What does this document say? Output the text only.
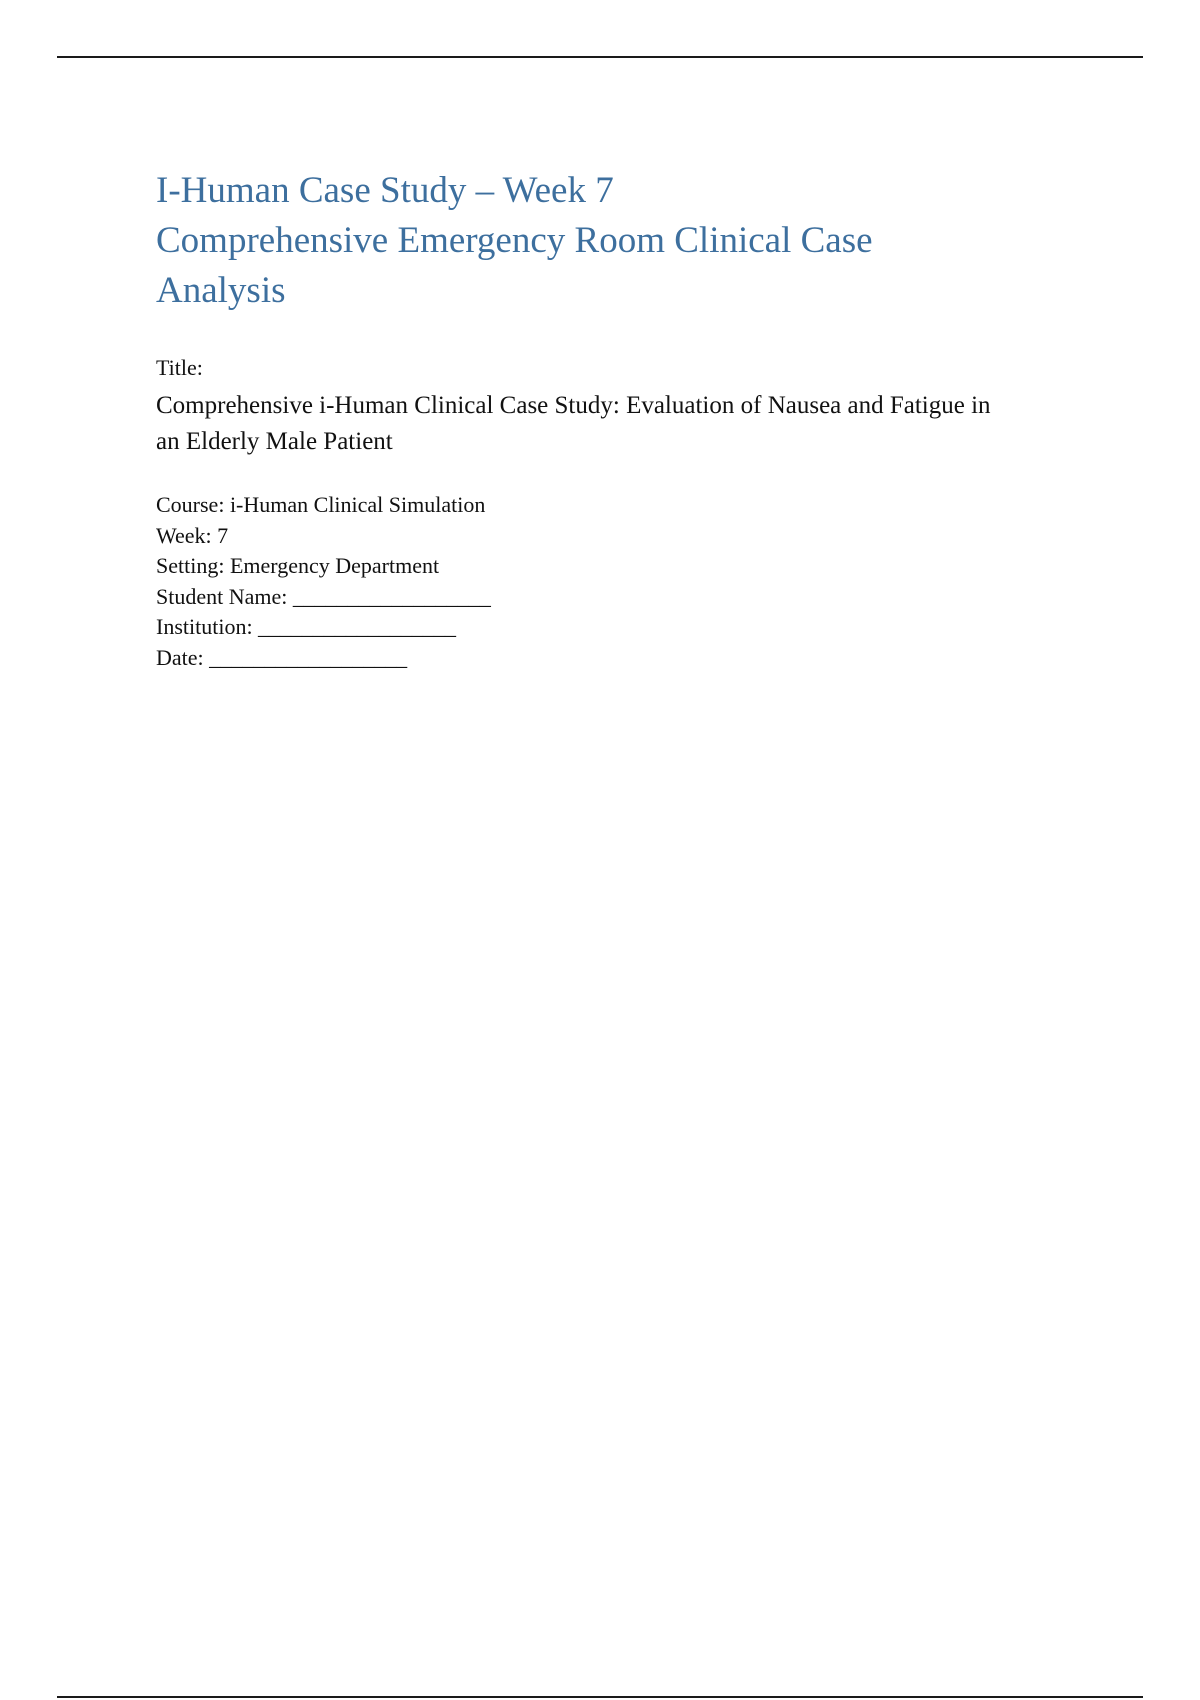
I-Human Case Study – Week 7
Comprehensive Emergency Room Clinical Case
Analysis
Title:
Comprehensive i-Human Clinical Case Study: Evaluation of Nausea and Fatigue in an Elderly Male Patient
Course: i-Human Clinical Simulation
Week: 7
Setting: Emergency Department
Student Name: __________________
Institution: __________________
Date: __________________
